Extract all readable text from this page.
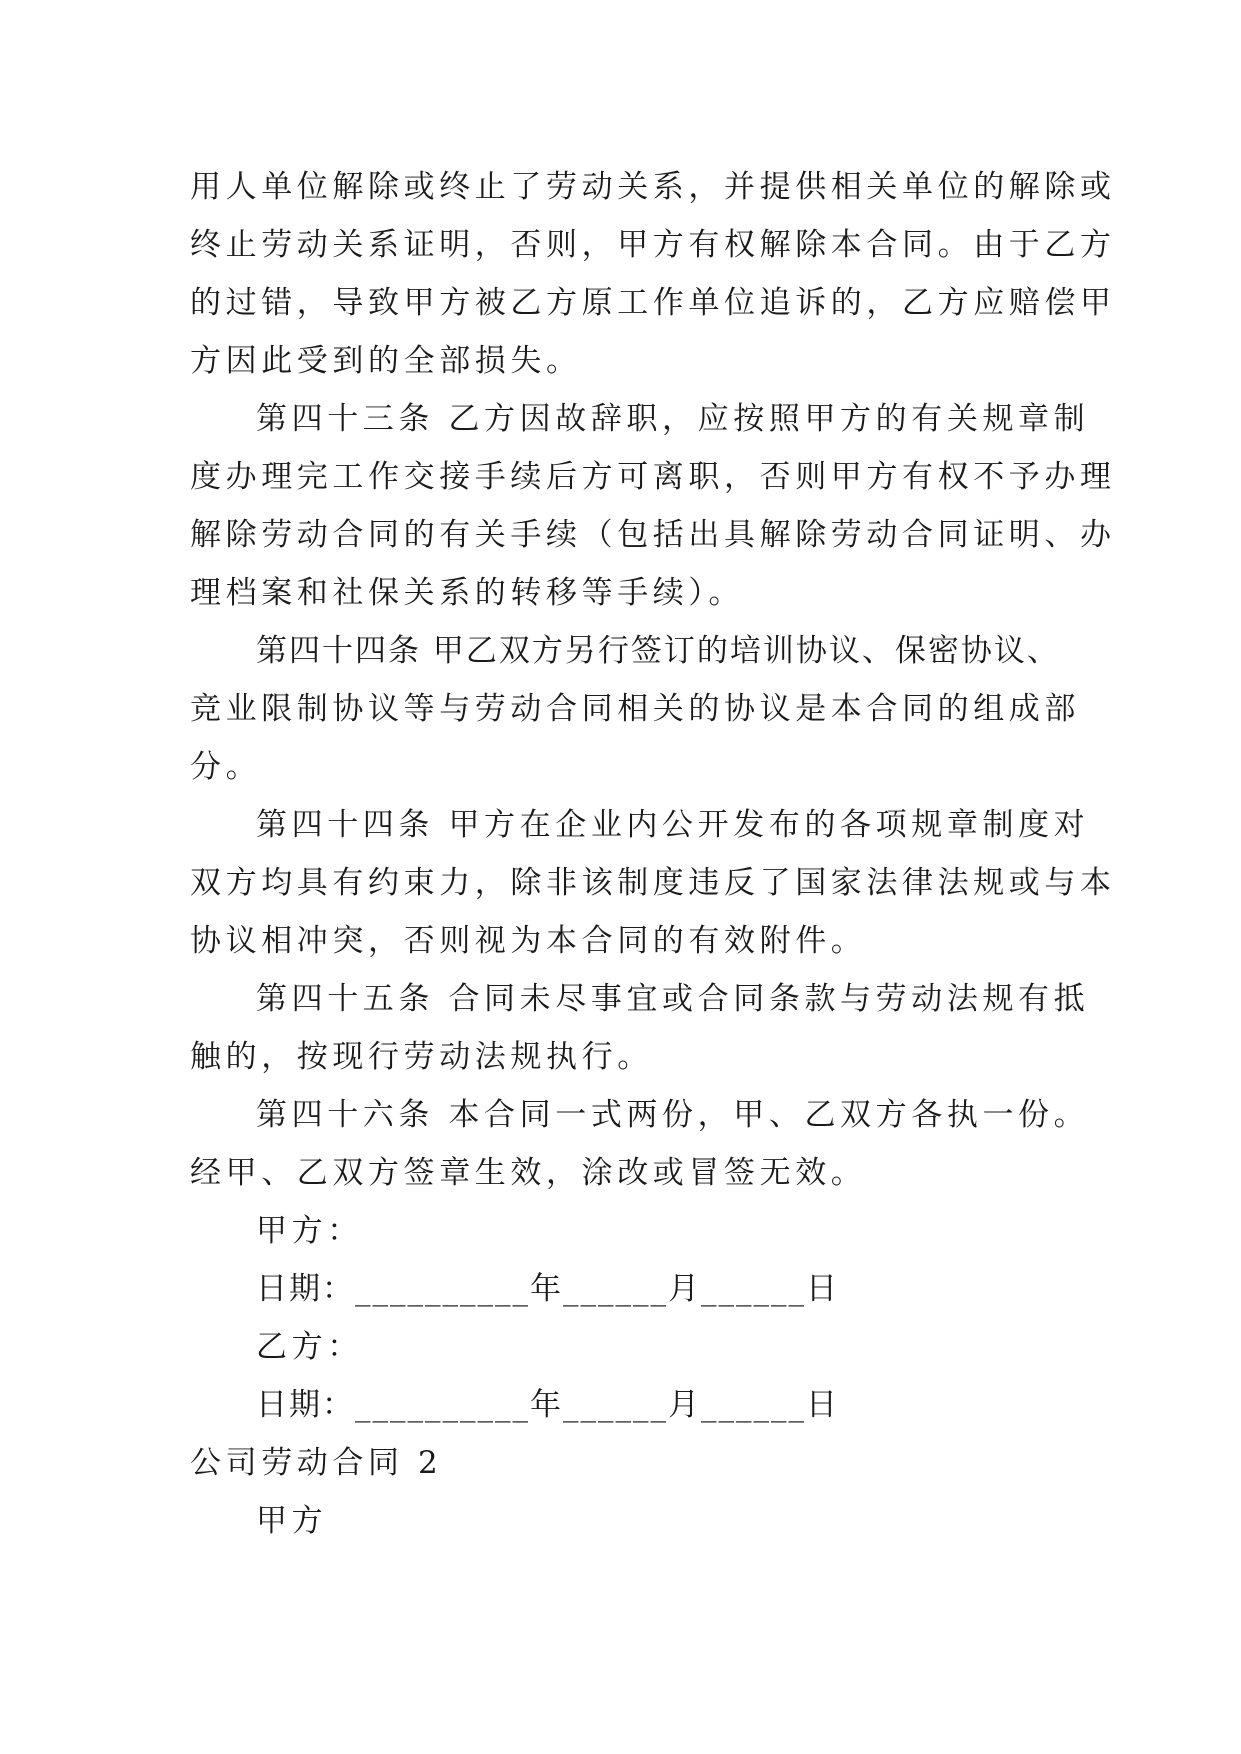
用人单位解除或终止了劳动关系，并提供相关单位的解除或
终止劳动关系证明，否则，甲方有权解除本合同。由于乙方
的过错，导致甲方被乙方原工作单位追诉的，乙方应赔偿甲
方因此受到的全部损失。
第四十三条 乙方因故辞职，应按照甲方的有关规章制
度办理完工作交接手续后方可离职，否则甲方有权不予办理
解除劳动合同的有关手续（包括出具解除劳动合同证明、办
理档案和社保关系的转移等手续）。
第四十四条 甲乙双方另行签订的培训协议、保密协议、
竞业限制协议等与劳动合同相关的协议是本合同的组成部
分。
第四十四条 甲方在企业内公开发布的各项规章制度对
双方均具有约束力，除非该制度违反了国家法律法规或与本
协议相冲突，否则视为本合同的有效附件。
第四十五条 合同未尽事宜或合同条款与劳动法规有抵
触的，按现行劳动法规执行。
第四十六条 本合同一式两份，甲、乙双方各执一份。
经甲、乙双方签章生效，涂改或冒签无效。
甲方：
日期：__________年______月______日
乙方：
日期：__________年______月______日
公司劳动合同 2
甲方
